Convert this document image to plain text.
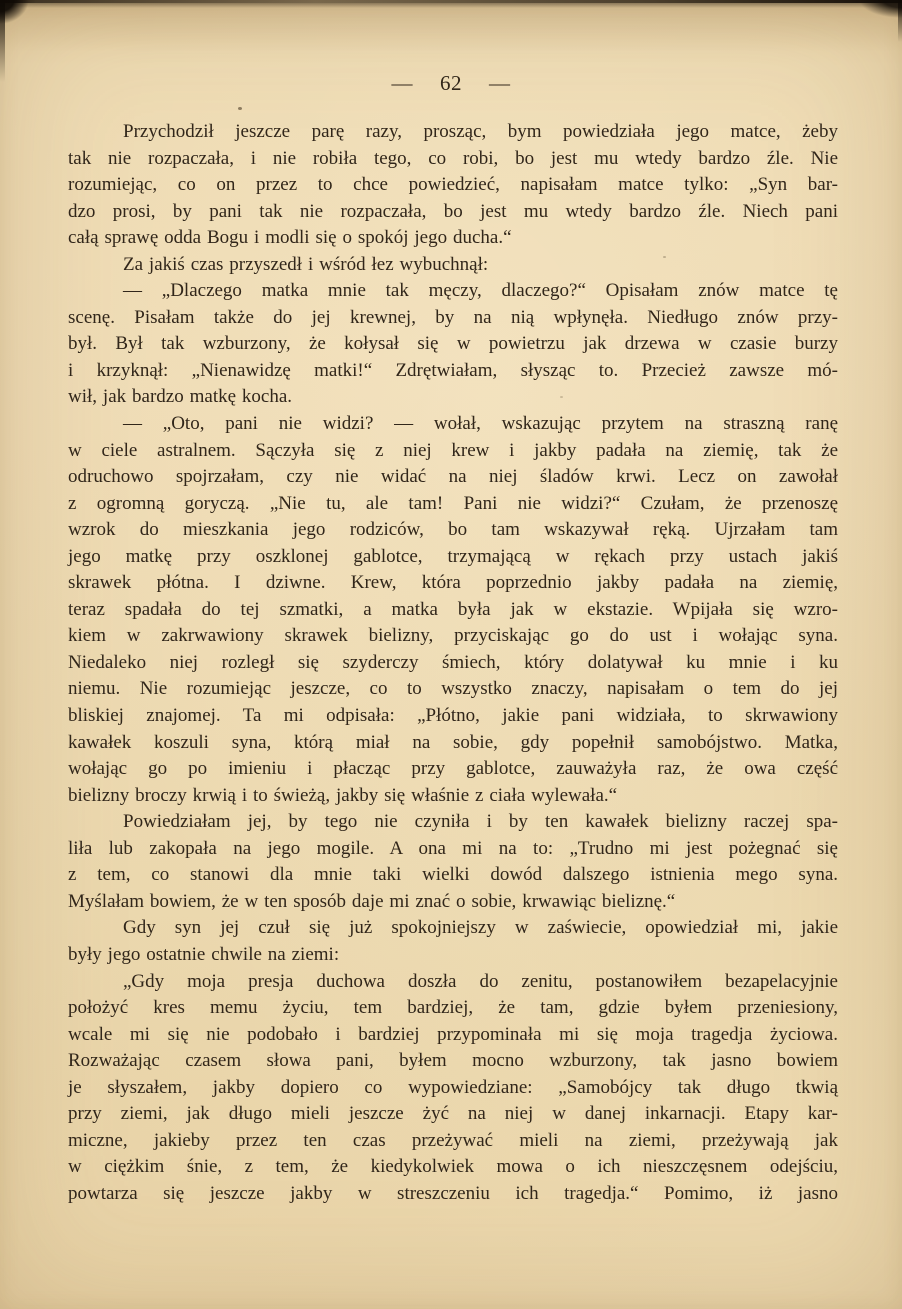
— 62 —
Przychodził jeszcze parę razy, prosząc, bym powiedziała jego matce, żeby
tak nie rozpaczała, i nie robiła tego, co robi, bo jest mu wtedy bardzo źle. Nie
rozumiejąc, co on przez to chce powiedzieć, napisałam matce tylko: „Syn bar-
dzo prosi, by pani tak nie rozpaczała, bo jest mu wtedy bardzo źle. Niech pani
całą sprawę odda Bogu i modli się o spokój jego ducha.“
Za jakiś czas przyszedł i wśród łez wybuchnął:
— „Dlaczego matka mnie tak męczy, dlaczego?“ Opisałam znów matce tę
scenę. Pisałam także do jej krewnej, by na nią wpłynęła. Niedługo znów przy-
był. Był tak wzburzony, że kołysał się w powietrzu jak drzewa w czasie burzy
i krzyknął: „Nienawidzę matki!“ Zdrętwiałam, słysząc to. Przecież zawsze mó-
wił, jak bardzo matkę kocha.
— „Oto, pani nie widzi? — wołał, wskazując przytem na straszną ranę
w ciele astralnem. Sączyła się z niej krew i jakby padała na ziemię, tak że
odruchowo spojrzałam, czy nie widać na niej śladów krwi. Lecz on zawołał
z ogromną goryczą. „Nie tu, ale tam! Pani nie widzi?“ Czułam, że przenoszę
wzrok do mieszkania jego rodziców, bo tam wskazywał ręką. Ujrzałam tam
jego matkę przy oszklonej gablotce, trzymającą w rękach przy ustach jakiś
skrawek płótna. I dziwne. Krew, która poprzednio jakby padała na ziemię,
teraz spadała do tej szmatki, a matka była jak w ekstazie. Wpijała się wzro-
kiem w zakrwawiony skrawek bielizny, przyciskając go do ust i wołając syna.
Niedaleko niej rozległ się szyderczy śmiech, który dolatywał ku mnie i ku
niemu. Nie rozumiejąc jeszcze, co to wszystko znaczy, napisałam o tem do jej
bliskiej znajomej. Ta mi odpisała: „Płótno, jakie pani widziała, to skrwawiony
kawałek koszuli syna, którą miał na sobie, gdy popełnił samobójstwo. Matka,
wołając go po imieniu i płacząc przy gablotce, zauważyła raz, że owa część
bielizny broczy krwią i to świeżą, jakby się właśnie z ciała wylewała.“
Powiedziałam jej, by tego nie czyniła i by ten kawałek bielizny raczej spa-
liła lub zakopała na jego mogile. A ona mi na to: „Trudno mi jest pożegnać się
z tem, co stanowi dla mnie taki wielki dowód dalszego istnienia mego syna.
Myślałam bowiem, że w ten sposób daje mi znać o sobie, krwawiąc bieliznę.“
Gdy syn jej czuł się już spokojniejszy w zaświecie, opowiedział mi, jakie
były jego ostatnie chwile na ziemi:
„Gdy moja presja duchowa doszła do zenitu, postanowiłem bezapelacyjnie
położyć kres memu życiu, tem bardziej, że tam, gdzie byłem przeniesiony,
wcale mi się nie podobało i bardziej przypominała mi się moja tragedja życiowa.
Rozważając czasem słowa pani, byłem mocno wzburzony, tak jasno bowiem
je słyszałem, jakby dopiero co wypowiedziane: „Samobójcy tak długo tkwią
przy ziemi, jak długo mieli jeszcze żyć na niej w danej inkarnacji. Etapy kar-
miczne, jakieby przez ten czas przeżywać mieli na ziemi, przeżywają jak
w ciężkim śnie, z tem, że kiedykolwiek mowa o ich nieszczęsnem odejściu,
powtarza się jeszcze jakby w streszczeniu ich tragedja.“ Pomimo, iż jasno
